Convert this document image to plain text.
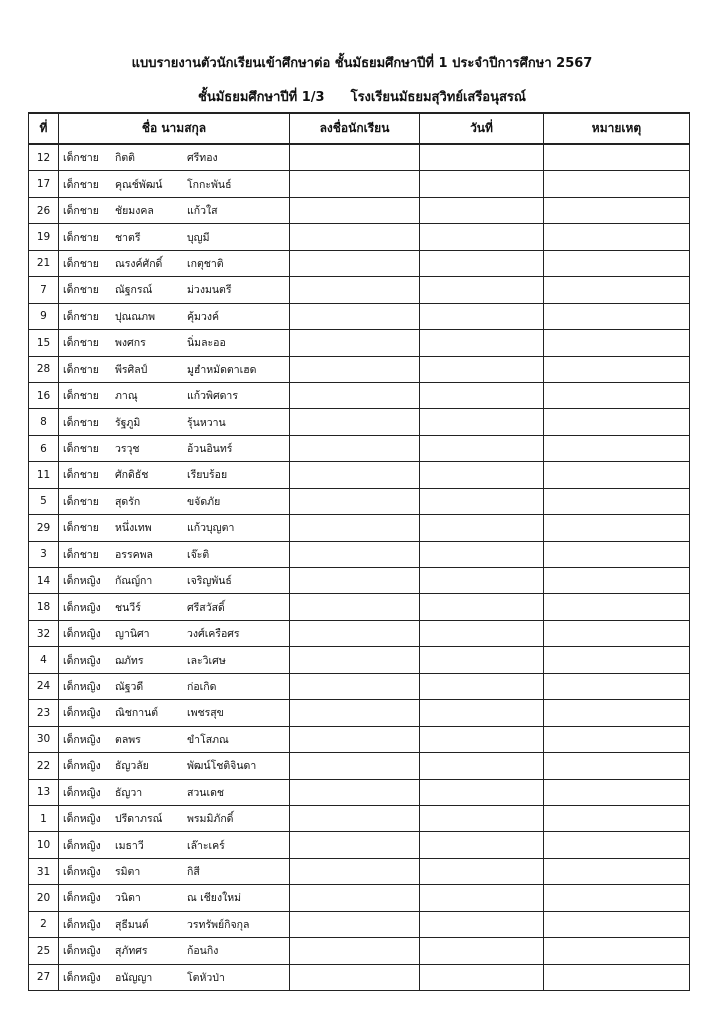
แบบรายงานตัวนักเรียนเข้าศึกษาต่อ ชั้นมัธยมศึกษาปีที่ 1 ประจำปีการศึกษา 2567
ชั้นมัธยมศึกษาปีที่ 1/3 โรงเรียนมัธยมสุวิทย์เสรีอนุสรณ์
ที่	ชื่อ นามสกุล	ลงชื่อนักเรียน	วันที่	หมายเหตุ
12	เด็กชาย กิตติ ศรีทอง			
17	เด็กชาย คุณช์พัฒน์ โกกะพันธ์			
26	เด็กชาย ชัยมงคล แก้วใส			
19	เด็กชาย ชาตรี บุญมี			
21	เด็กชาย ณรงค์ศักดิ์ เกตุชาติ			
7	เด็กชาย ณัฐกรณ์ ม่วงมนตรี			
9	เด็กชาย ปุณณภพ คุ้มวงค์			
15	เด็กชาย พงศกร นิ่มละออ			
28	เด็กชาย พีรศิลป์ มูฮำหมัดตาเฮด			
16	เด็กชาย ภาณุ แก้วพิศดาร			
8	เด็กชาย รัฐภูมิ รุ้นหวาน			
6	เด็กชาย วรวุช อ้วนอินทร์			
11	เด็กชาย ศักดิธัช เรียบร้อย			
5	เด็กชาย สุดรัก ขจัดภัย			
29	เด็กชาย หนึ่งเทพ แก้วบุญตา			
3	เด็กชาย อรรคพล เจ๊ะติ			
14	เด็กหญิง กัณญ์กา เจริญพันธ์			
18	เด็กหญิง ชนวีร์ ศรีสวัสดิ์			
32	เด็กหญิง ญานิศา วงศ์เครือศร			
4	เด็กหญิง ฌภัทร เละวิเศษ			
24	เด็กหญิง ณัฐวดี ก่อเกิด			
23	เด็กหญิง ณิชกานต์ เพชรสุข			
30	เด็กหญิง ตลพร ขำโสภณ			
22	เด็กหญิง ธัญวลัย พัฒน์โชติจินดา			
13	เด็กหญิง ธัญวา สวนเดช			
1	เด็กหญิง ปรีดาภรณ์ พรมมิภักดิ์			
10	เด็กหญิง เมธาวี เล๊าะเคร์			
31	เด็กหญิง รมิตา กิสี			
20	เด็กหญิง วนิดา ณ เชียงใหม่			
2	เด็กหญิง สุธีมนต์ วรทรัพย์กิจกุล			
25	เด็กหญิง สุภัทศร ก้อนกิง			
27	เด็กหญิง อนัญญา โตหัวป่า			
